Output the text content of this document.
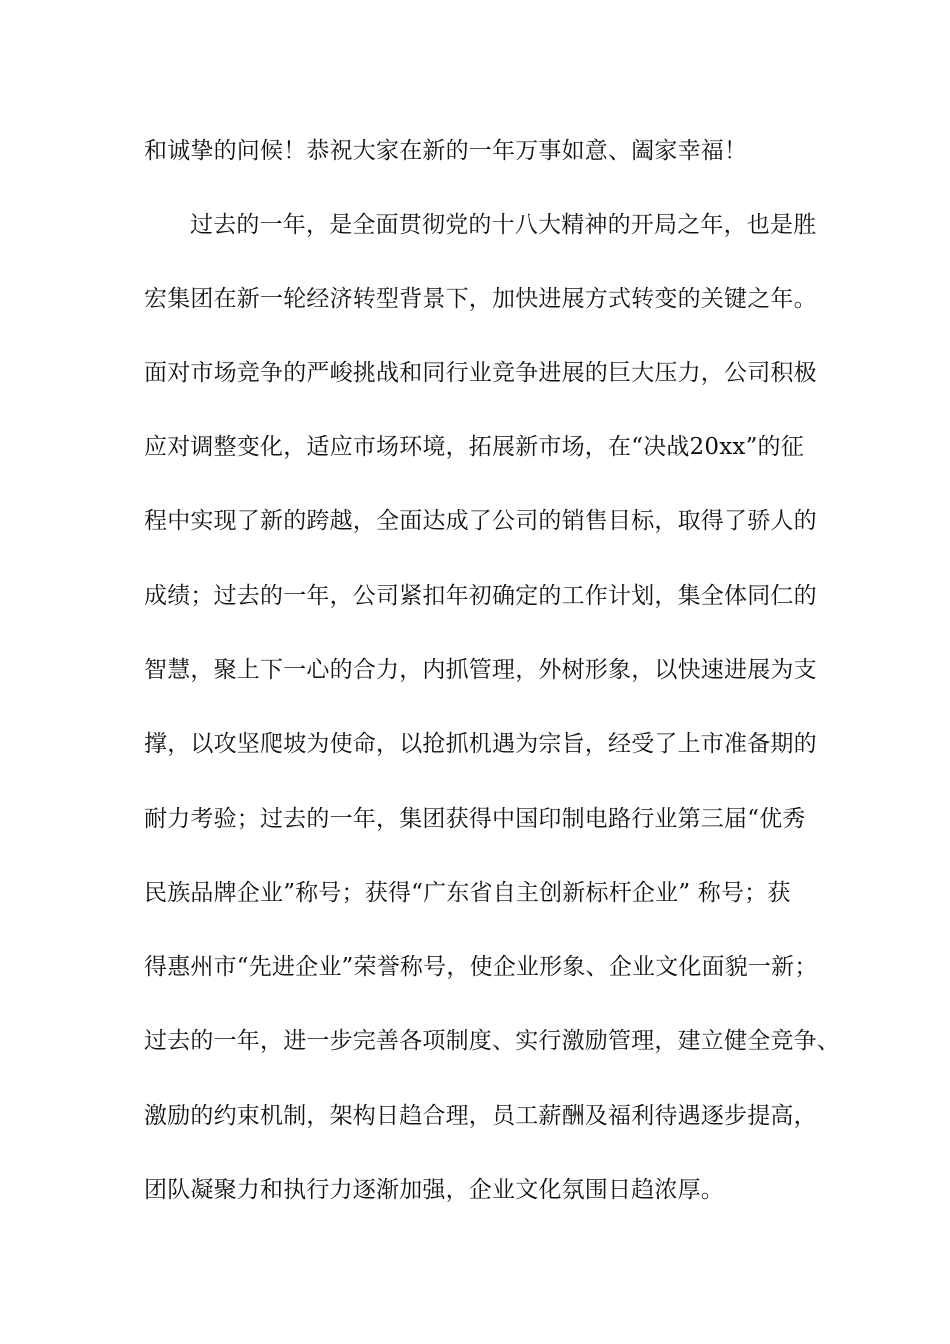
和诚挚的问候！恭祝大家在新的一年万事如意、阖家幸福！
过去的一年，是全面贯彻党的十八大精神的开局之年，也是胜
宏集团在新一轮经济转型背景下，加快进展方式转变的关键之年。
面对市场竞争的严峻挑战和同行业竞争进展的巨大压力，公司积极
应对调整变化，适应市场环境，拓展新市场，在“决战20xx”的征
程中实现了新的跨越，全面达成了公司的销售目标，取得了骄人的
成绩；过去的一年，公司紧扣年初确定的工作计划，集全体同仁的
智慧，聚上下一心的合力，内抓管理，外树形象，以快速进展为支
撑，以攻坚爬坡为使命，以抢抓机遇为宗旨，经受了上市准备期的
耐力考验；过去的一年，集团获得中国印制电路行业第三届“优秀
民族品牌企业”称号；获得“广东省自主创新标杆企业” 称号；获
得惠州市“先进企业”荣誉称号，使企业形象、企业文化面貌一新；
过去的一年，进一步完善各项制度、实行激励管理，建立健全竞争、
激励的约束机制，架构日趋合理，员工薪酬及福利待遇逐步提高，
团队凝聚力和执行力逐渐加强，企业文化氛围日趋浓厚。
